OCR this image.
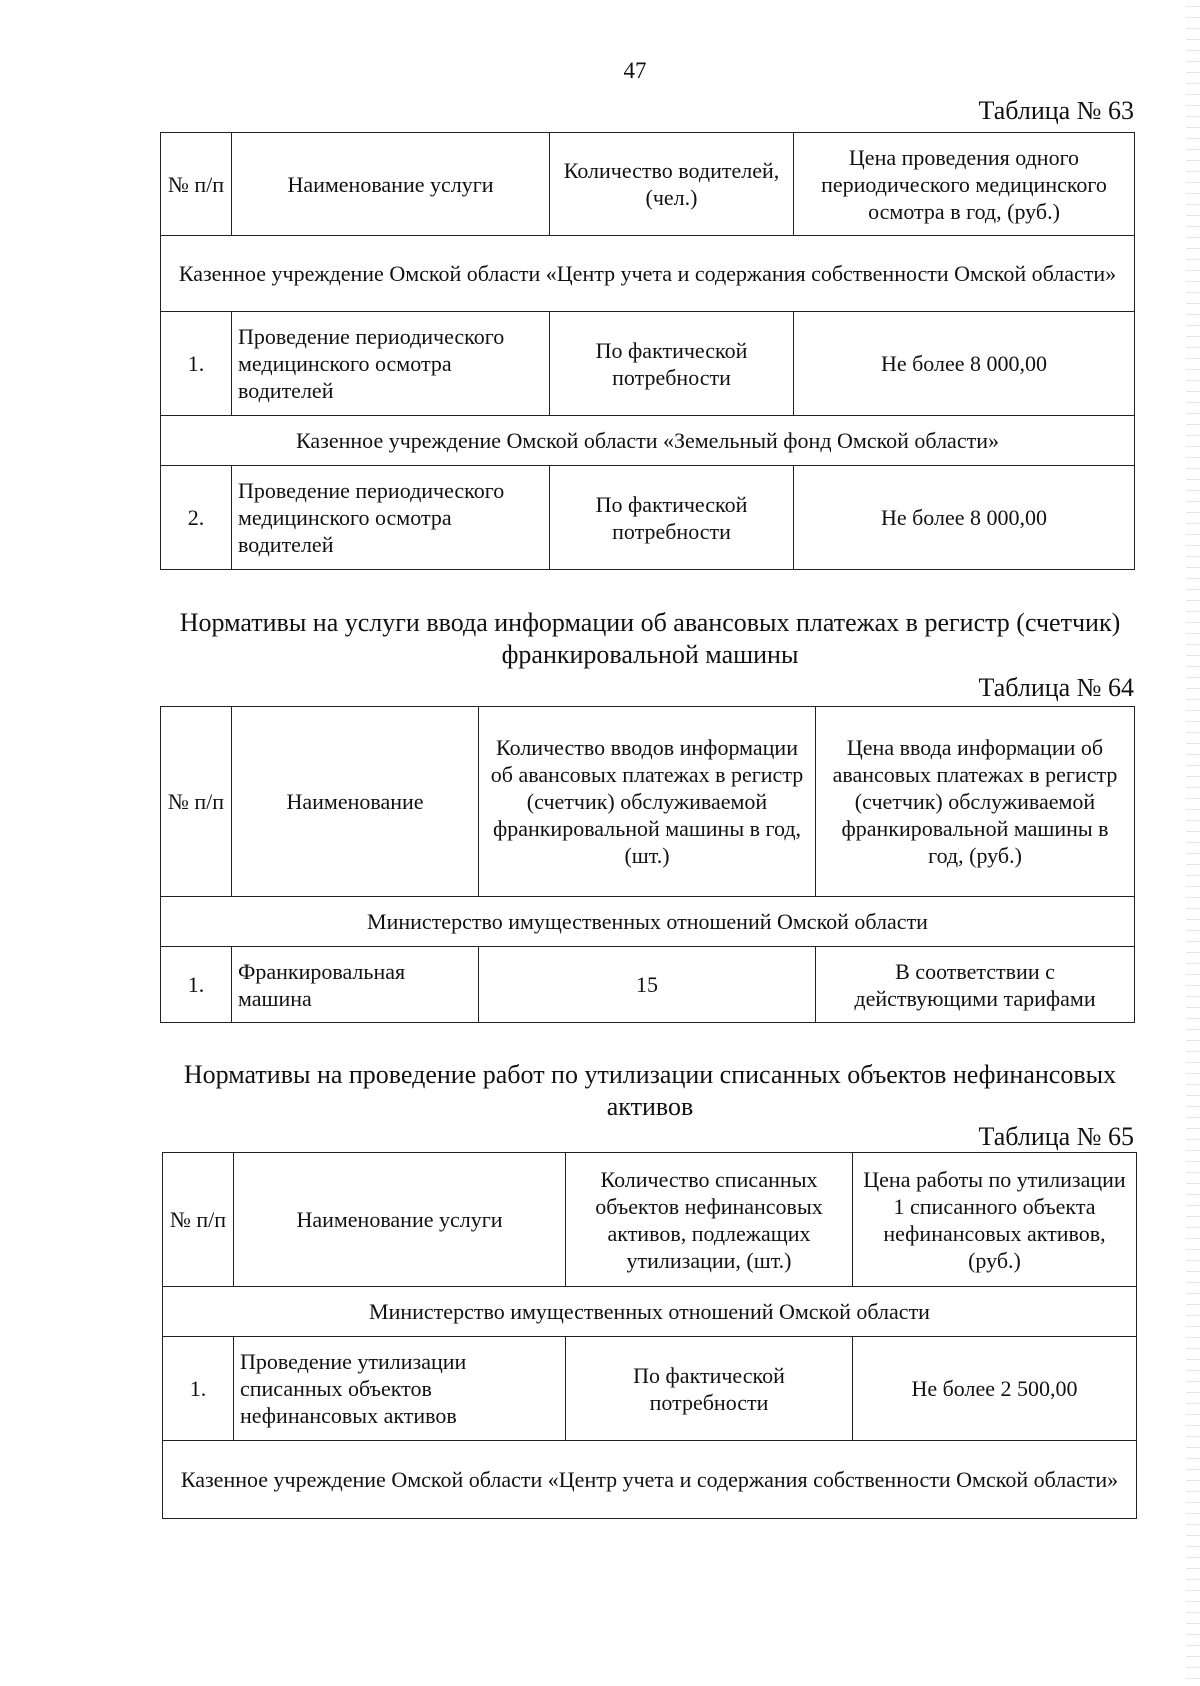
47
Таблица № 63
№ п/п	Наименование услуги	Количество водителей, (чел.)	Цена проведения одного периодического медицинского осмотра в год, (руб.)
Казенное учреждение Омской области «Центр учета и содержания собственности Омской области»			
1.	Проведение периодического медицинского осмотра водителей	По фактической потребности	Не более 8 000,00
Казенное учреждение Омской области «Земельный фонд Омской области»			
2.	Проведение периодического медицинского осмотра водителей	По фактической потребности	Не более 8 000,00
Нормативы на услуги ввода информации об авансовых платежах в регистр (счетчик) франкировальной машины
Таблица № 64
№ п/п	Наименование	Количество вводов информации об авансовых платежах в регистр (счетчик) обслуживаемой франкировальной машины в год, (шт.)	Цена ввода информации об авансовых платежах в регистр (счетчик) обслуживаемой франкировальной машины в год, (руб.)
Министерство имущественных отношений Омской области			
1.	Франкировальная машина	15	В соответствии с действующими тарифами
Нормативы на проведение работ по утилизации списанных объектов нефинансовых активов
Таблица № 65
№ п/п	Наименование услуги	Количество списанных объектов нефинансовых активов, подлежащих утилизации, (шт.)	Цена работы по утилизации 1 списанного объекта нефинансовых активов, (руб.)
Министерство имущественных отношений Омской области			
1.	Проведение утилизации списанных объектов нефинансовых активов	По фактической потребности	Не более 2 500,00
Казенное учреждение Омской области «Центр учета и содержания собственности Омской области»			
